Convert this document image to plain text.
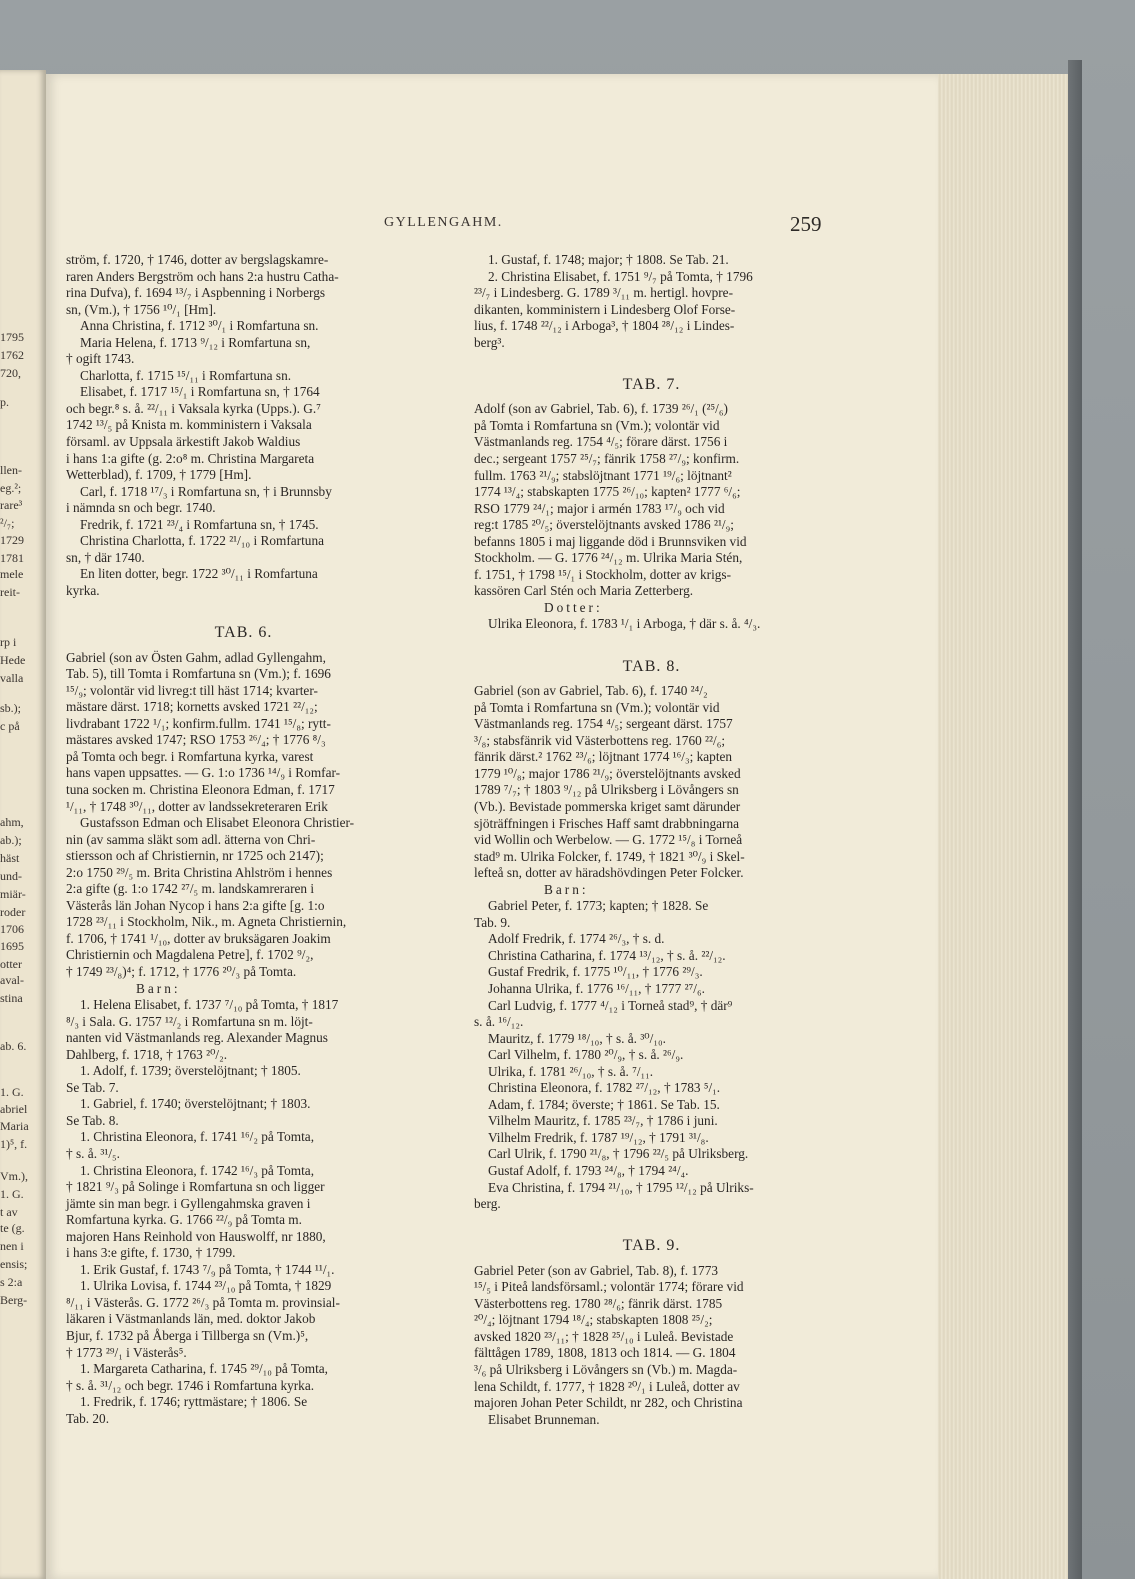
1795
1762
720,
p.
llen-
eg.²;
rare³
²/₇;
1729
1781
mele
reit-
rp i
Hede
valla
sb.);
c på
ahm,
ab.);
häst
und-
miär-
roder
1706
1695
otter
aval-
stina
ab. 6.
1. G.
abriel
Maria
1)⁵, f.
Vm.),
1. G.
t av
te (g.
nen i
ensis;
s 2:a
Berg-
GYLLENGAHM.	259
ström, f. 1720, † 1746, dotter av bergslagskamre-
raren Anders Bergström och hans 2:a hustru Catha-
rina Dufva), f. 1694 ¹³/₇ i Aspbenning i Norbergs
sn, (Vm.), † 1756 ¹⁰/₁ [Hm].
Anna Christina, f. 1712 ³⁰/₁ i Romfartuna sn.
Maria Helena, f. 1713 ⁹/₁₂ i Romfartuna sn,
† ogift 1743.
Charlotta, f. 1715 ¹⁵/₁₁ i Romfartuna sn.
Elisabet, f. 1717 ¹⁵/₁ i Romfartuna sn, † 1764
och begr.⁸ s. å. ²²/₁₁ i Vaksala kyrka (Upps.). G.⁷
1742 ¹³/₅ på Knista m. komministern i Vaksala
församl. av Uppsala ärkestift Jakob Waldius
i hans 1:a gifte (g. 2:o⁸ m. Christina Margareta
Wetterblad), f. 1709, † 1779 [Hm].
Carl, f. 1718 ¹⁷/₃ i Romfartuna sn, † i Brunnsby
i nämnda sn och begr. 1740.
Fredrik, f. 1721 ²³/₄ i Romfartuna sn, † 1745.
Christina Charlotta, f. 1722 ²¹/₁₀ i Romfartuna
sn, † där 1740.
En liten dotter, begr. 1722 ³⁰/₁₁ i Romfartuna
kyrka.
TAB. 6.
Gabriel (son av Östen Gahm, adlad Gyllengahm,
Tab. 5), till Tomta i Romfartuna sn (Vm.); f. 1696
¹⁵/₉; volontär vid livreg:t till häst 1714; kvarter-
mästare därst. 1718; kornetts avsked 1721 ²²/₁₂;
livdrabant 1722 ¹/₁; konfirm.fullm. 1741 ¹⁵/₈; rytt-
mästares avsked 1747; RSO 1753 ²⁶/₄; † 1776 ⁸/₃
på Tomta och begr. i Romfartuna kyrka, varest
hans vapen uppsattes. — G. 1:o 1736 ¹⁴/₉ i Romfar-
tuna socken m. Christina Eleonora Edman, f. 1717
¹/₁₁, † 1748 ³⁰/₁₁, dotter av landssekreteraren Erik
Gustafsson Edman och Elisabet Eleonora Christier-
nin (av samma släkt som adl. ätterna von Chri-
stiersson och af Christiernin, nr 1725 och 2147);
2:o 1750 ²⁹/₅ m. Brita Christina Ahlström i hennes
2:a gifte (g. 1:o 1742 ²⁷/₅ m. landskamreraren i
Västerås län Johan Nycop i hans 2:a gifte [g. 1:o
1728 ²³/₁₁ i Stockholm, Nik., m. Agneta Christiernin,
f. 1706, † 1741 ¹/₁₀, dotter av bruksägaren Joakim
Christiernin och Magdalena Petre], f. 1702 ⁹/₂,
† 1749 ²³/₈)⁴; f. 1712, † 1776 ²⁰/₃ på Tomta.
Barn:
1. Helena Elisabet, f. 1737 ⁷/₁₀ på Tomta, † 1817
⁸/₃ i Sala. G. 1757 ¹²/₂ i Romfartuna sn m. löjt-
nanten vid Västmanlands reg. Alexander Magnus
Dahlberg, f. 1718, † 1763 ²⁰/₂.
1. Adolf, f. 1739; överstelöjtnant; † 1805.
Se Tab. 7.
1. Gabriel, f. 1740; överstelöjtnant; † 1803.
Se Tab. 8.
1. Christina Eleonora, f. 1741 ¹⁶/₂ på Tomta,
† s. å. ³¹/₅.
1. Christina Eleonora, f. 1742 ¹⁶/₃ på Tomta,
† 1821 ⁹/₃ på Solinge i Romfartuna sn och ligger
jämte sin man begr. i Gyllengahmska graven i
Romfartuna kyrka. G. 1766 ²²/₉ på Tomta m.
majoren Hans Reinhold von Hauswolff, nr 1880,
i hans 3:e gifte, f. 1730, † 1799.
1. Erik Gustaf, f. 1743 ⁷/₉ på Tomta, † 1744 ¹¹/₁.
1. Ulrika Lovisa, f. 1744 ²³/₁₀ på Tomta, † 1829
⁸/₁₁ i Västerås. G. 1772 ²⁶/₃ på Tomta m. provinsial-
läkaren i Västmanlands län, med. doktor Jakob
Bjur, f. 1732 på Åberga i Tillberga sn (Vm.)⁵,
† 1773 ²⁹/₁ i Västerås⁵.
1. Margareta Catharina, f. 1745 ²⁹/₁₀ på Tomta,
† s. å. ³¹/₁₂ och begr. 1746 i Romfartuna kyrka.
1. Fredrik, f. 1746; ryttmästare; † 1806. Se
Tab. 20.
1. Gustaf, f. 1748; major; † 1808. Se Tab. 21.
2. Christina Elisabet, f. 1751 ⁹/₇ på Tomta, † 1796
²³/₇ i Lindesberg. G. 1789 ³/₁₁ m. hertigl. hovpre-
dikanten, komministern i Lindesberg Olof Forse-
lius, f. 1748 ²²/₁₂ i Arboga³, † 1804 ²⁸/₁₂ i Lindes-
berg³.
TAB. 7.
Adolf (son av Gabriel, Tab. 6), f. 1739 ²⁶/₁ (²⁵/₆)
på Tomta i Romfartuna sn (Vm.); volontär vid
Västmanlands reg. 1754 ⁴/₅; förare därst. 1756 i
dec.; sergeant 1757 ²⁵/₇; fänrik 1758 ²⁷/₉; konfirm.
fullm. 1763 ²¹/₉; stabslöjtnant 1771 ¹⁹/₆; löjtnant²
1774 ¹³/₄; stabskapten 1775 ²⁶/₁₀; kapten² 1777 ⁶/₆;
RSO 1779 ²⁴/₁; major i armén 1783 ¹⁷/₉ och vid
reg:t 1785 ²⁰/₅; överstelöjtnants avsked 1786 ²¹/₉;
befanns 1805 i maj liggande död i Brunnsviken vid
Stockholm. — G. 1776 ²⁴/₁₂ m. Ulrika Maria Stén,
f. 1751, † 1798 ¹⁵/₁ i Stockholm, dotter av krigs-
kassören Carl Stén och Maria Zetterberg.
Dotter:
Ulrika Eleonora, f. 1783 ¹/₁ i Arboga, † där s. å. ⁴/₃.
TAB. 8.
Gabriel (son av Gabriel, Tab. 6), f. 1740 ²⁴/₂
på Tomta i Romfartuna sn (Vm.); volontär vid
Västmanlands reg. 1754 ⁴/₅; sergeant därst. 1757
³/₈; stabsfänrik vid Västerbottens reg. 1760 ²²/₆;
fänrik därst.² 1762 ²³/₆; löjtnant 1774 ¹⁶/₃; kapten
1779 ¹⁰/₈; major 1786 ²¹/₉; överstelöjtnants avsked
1789 ⁷/₇; † 1803 ⁹/₁₂ på Ulriksberg i Lövångers sn
(Vb.). Bevistade pommerska kriget samt därunder
sjöträffningen i Frisches Haff samt drabbningarna
vid Wollin och Werbelow. — G. 1772 ¹⁵/₈ i Torneå
stad⁹ m. Ulrika Folcker, f. 1749, † 1821 ³⁰/₉ i Skel-
lefteå sn, dotter av häradshövdingen Peter Folcker.
Barn:
Gabriel Peter, f. 1773; kapten; † 1828. Se
Tab. 9.
Adolf Fredrik, f. 1774 ²⁶/₃, † s. d.
Christina Catharina, f. 1774 ¹³/₁₂, † s. å. ²²/₁₂.
Gustaf Fredrik, f. 1775 ¹⁰/₁₁, † 1776 ²⁹/₃.
Johanna Ulrika, f. 1776 ¹⁶/₁₁, † 1777 ²⁷/₆.
Carl Ludvig, f. 1777 ⁴/₁₂ i Torneå stad⁹, † där⁹
s. å. ¹⁶/₁₂.
Mauritz, f. 1779 ¹⁸/₁₀, † s. å. ³⁰/₁₀.
Carl Vilhelm, f. 1780 ²⁰/₉, † s. å. ²⁶/₉.
Ulrika, f. 1781 ²⁶/₁₀, † s. å. ⁷/₁₁.
Christina Eleonora, f. 1782 ²⁷/₁₂, † 1783 ⁵/₁.
Adam, f. 1784; överste; † 1861. Se Tab. 15.
Vilhelm Mauritz, f. 1785 ²³/₇, † 1786 i juni.
Vilhelm Fredrik, f. 1787 ¹⁹/₁₂, † 1791 ³¹/₈.
Carl Ulrik, f. 1790 ²¹/₈, † 1796 ²²/₅ på Ulriksberg.
Gustaf Adolf, f. 1793 ²⁴/₈, † 1794 ²⁴/₄.
Eva Christina, f. 1794 ²¹/₁₀, † 1795 ¹²/₁₂ på Ulriks-
berg.
TAB. 9.
Gabriel Peter (son av Gabriel, Tab. 8), f. 1773
¹⁵/₅ i Piteå landsförsaml.; volontär 1774; förare vid
Västerbottens reg. 1780 ²⁸/₆; fänrik därst. 1785
²⁰/₄; löjtnant 1794 ¹⁸/₄; stabskapten 1808 ²⁵/₂;
avsked 1820 ²³/₁₁; † 1828 ²⁵/₁₀ i Luleå. Bevistade
fälttågen 1789, 1808, 1813 och 1814. — G. 1804
³/₆ på Ulriksberg i Lövångers sn (Vb.) m. Magda-
lena Schildt, f. 1777, † 1828 ²⁰/₁ i Luleå, dotter av
majoren Johan Peter Schildt, nr 282, och Christina
Elisabet Brunneman.
